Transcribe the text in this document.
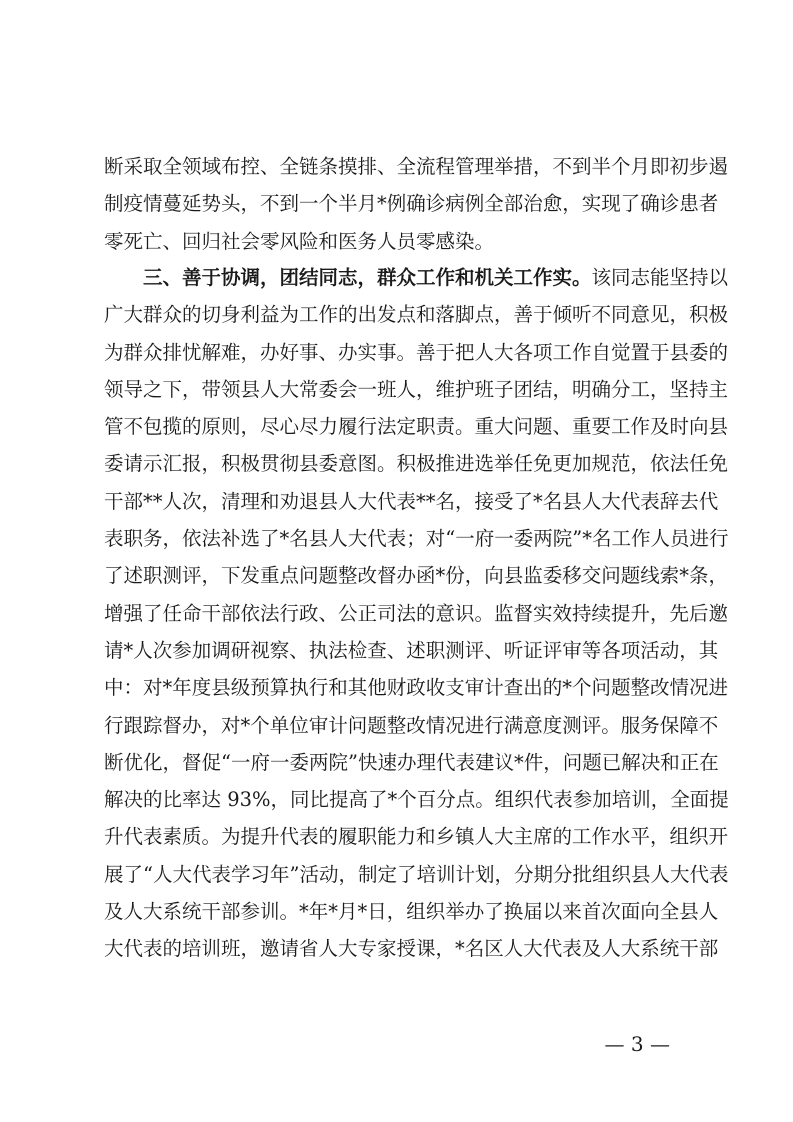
断采取全领域布控、全链条摸排、全流程管理举措，不到半个月即初步遏
制疫情蔓延势头，不到一个半月*例确诊病例全部治愈，实现了确诊患者
零死亡、回归社会零风险和医务人员零感染。
三、善于协调，团结同志，群众工作和机关工作实。该同志能坚持以
广大群众的切身利益为工作的出发点和落脚点，善于倾听不同意见，积极
为群众排忧解难，办好事、办实事。善于把人大各项工作自觉置于县委的
领导之下，带领县人大常委会一班人，维护班子团结，明确分工，坚持主
管不包揽的原则，尽心尽力履行法定职责。重大问题、重要工作及时向县
委请示汇报，积极贯彻县委意图。积极推进选举任免更加规范，依法任免
干部**人次，清理和劝退县人大代表**名，接受了*名县人大代表辞去代
表职务，依法补选了*名县人大代表；对“一府一委两院”*名工作人员进行
了述职测评，下发重点问题整改督办函*份，向县监委移交问题线索*条，
增强了任命干部依法行政、公正司法的意识。监督实效持续提升，先后邀
请*人次参加调研视察、执法检查、述职测评、听证评审等各项活动，其
中：对*年度县级预算执行和其他财政收支审计查出的*个问题整改情况进
行跟踪督办，对*个单位审计问题整改情况进行满意度测评。服务保障不
断优化，督促“一府一委两院”快速办理代表建议*件，问题已解决和正在
解决的比率达 93%，同比提高了*个百分点。组织代表参加培训，全面提
升代表素质。为提升代表的履职能力和乡镇人大主席的工作水平，组织开
展了“人大代表学习年”活动，制定了培训计划，分期分批组织县人大代表
及人大系统干部参训。*年*月*日，组织举办了换届以来首次面向全县人
大代表的培训班，邀请省人大专家授课，*名区人大代表及人大系统干部
— 3 —
